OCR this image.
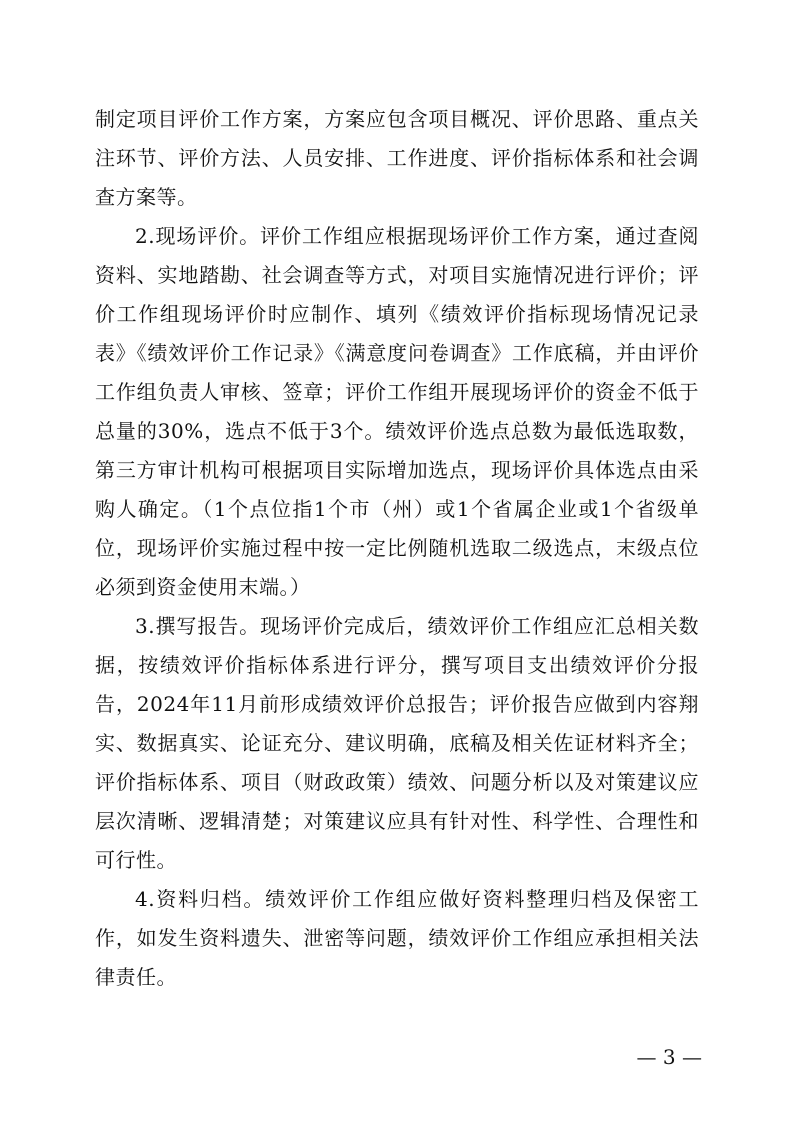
制定项目评价工作方案，方案应包含项目概况、评价思路、重点关注环节、评价方法、人员安排、工作进度、评价指标体系和社会调查方案等。

2.现场评价。评价工作组应根据现场评价工作方案，通过查阅资料、实地踏勘、社会调查等方式，对项目实施情况进行评价；评价工作组现场评价时应制作、填列《绩效评价指标现场情况记录表》《绩效评价工作记录》《满意度问卷调查》工作底稿，并由评价工作组负责人审核、签章；评价工作组开展现场评价的资金不低于总量的30%，选点不低于3个。绩效评价选点总数为最低选取数，第三方审计机构可根据项目实际增加选点，现场评价具体选点由采购人确定。（1个点位指1个市（州）或1个省属企业或1个省级单位，现场评价实施过程中按一定比例随机选取二级选点，末级点位必须到资金使用末端。）

3.撰写报告。现场评价完成后，绩效评价工作组应汇总相关数据，按绩效评价指标体系进行评分，撰写项目支出绩效评价分报告，2024年11月前形成绩效评价总报告；评价报告应做到内容翔实、数据真实、论证充分、建议明确，底稿及相关佐证材料齐全；评价指标体系、项目（财政政策）绩效、问题分析以及对策建议应层次清晰、逻辑清楚；对策建议应具有针对性、科学性、合理性和可行性。

4.资料归档。绩效评价工作组应做好资料整理归档及保密工作，如发生资料遗失、泄密等问题，绩效评价工作组应承担相关法律责任。

— 3 —
